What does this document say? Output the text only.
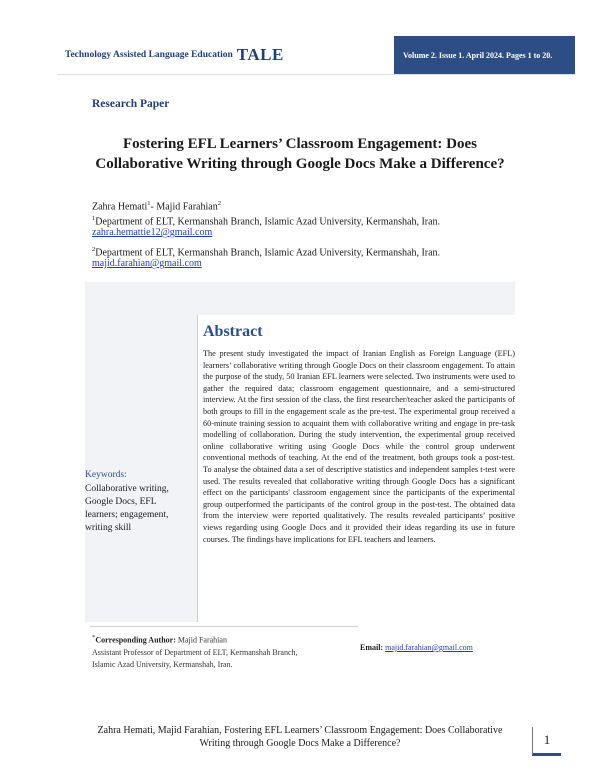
Technology Assisted Language Education TALE	Volume 2. Issue 1. April 2024. Pages 1 to 20.
Research Paper
Fostering EFL Learners’ Classroom Engagement: Does
Collaborative Writing through Google Docs Make a Difference?
Zahra Hemati$^1$- Majid Farahian$^2$
$^1$Department of ELT, Kermanshah Branch, Islamic Azad University, Kermanshah, Iran.
zahra.hemattie12@gmail.com
$^2$Department of ELT, Kermanshah Branch, Islamic Azad University, Kermanshah, Iran.
majid.farahian@gmail.com
Keywords:
Collaborative writing, Google Docs, EFL learners; engagement, writing skill
Abstract

The present study investigated the impact of Iranian English as Foreign Language (EFL) learners’ collaborative writing through Google Docs on their classroom engagement. To attain the purpose of the study, 50 Iranian EFL learners were selected. Two instruments were used to gather the required data; classroom engagement questionnaire, and a semi-structured interview. At the first session of the class, the first researcher/teacher asked the participants of both groups to fill in the engagement scale as the pre-test. The experimental group received a 60-minute training session to acquaint them with collaborative writing and engage in pre-task modelling of collaboration. During the study intervention, the experimental group received online collaborative writing using Google Docs while the control group underwent conventional methods of teaching. At the end of the treatment, both groups took a post-test. To analyse the obtained data a set of descriptive statistics and independent samples t-test were used. The results revealed that collaborative writing through Google Docs has a significant effect on the participants' classroom engagement since the participants of the experimental group outperformed the participants of the control group in the post-test. The obtained data from the interview were reported qualitatively. The results revealed participants’ positive views regarding using Google Docs and it provided their ideas regarding its use in future courses. The findings have implications for EFL teachers and learners.

*Corresponding Author: Majid Farahian
Assistant Professor of Department of ELT, Kermanshah Branch,
Islamic Azad University, Kermanshah, Iran.
Email: majid.farahian@gmail.com
Zahra Hemati, Majid Farahian, Fostering EFL Learners’ Classroom Engagement: Does Collaborative
Writing through Google Docs Make a Difference?	1
